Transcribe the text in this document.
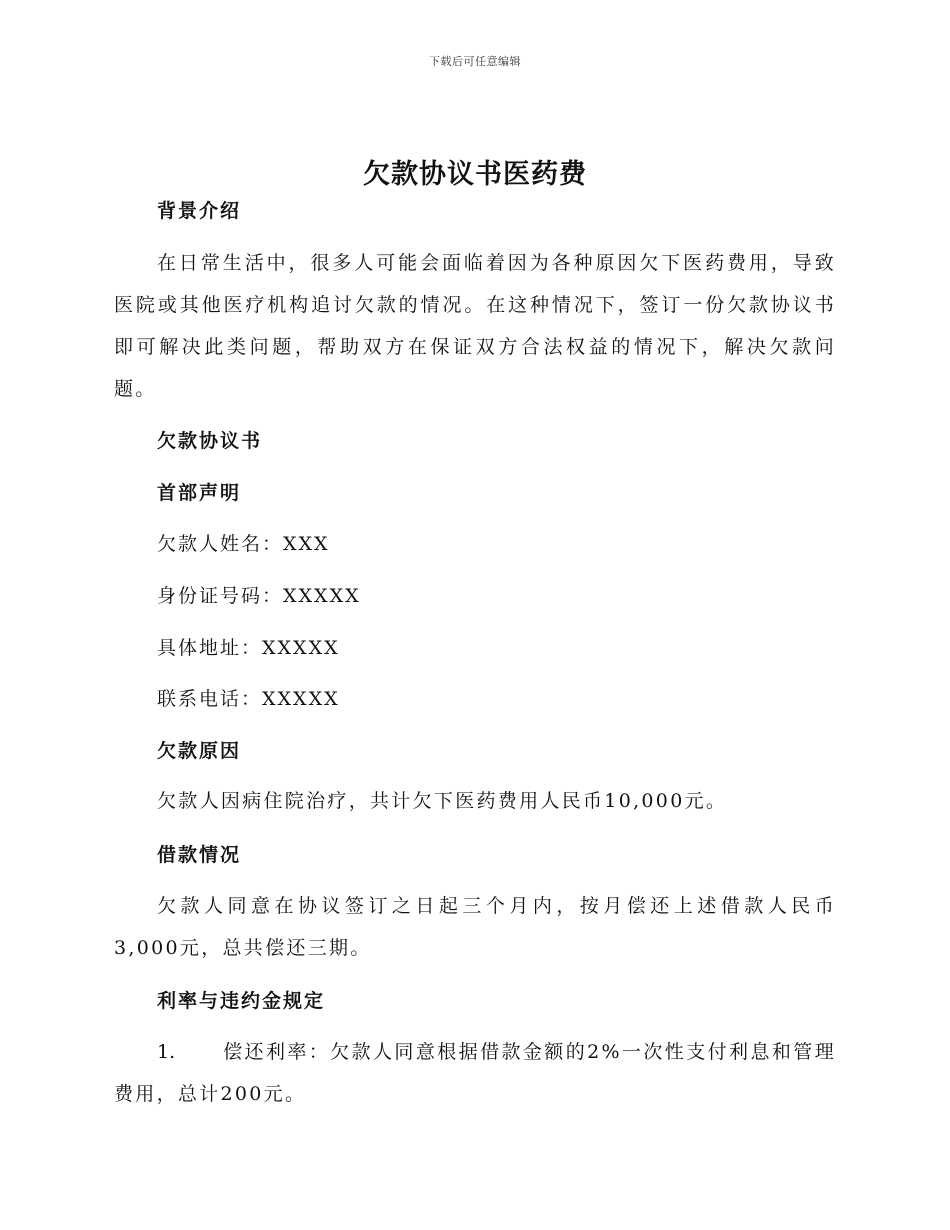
下载后可任意编辑
欠款协议书医药费
背景介绍

在日常生活中，很多人可能会面临着因为各种原因欠下医药费用，导致医院或其他医疗机构追讨欠款的情况。在这种情况下，签订一份欠款协议书即可解决此类问题，帮助双方在保证双方合法权益的情况下，解决欠款问题。

欠款协议书
首部声明
欠款人姓名：XXX
身份证号码：XXXXX
具体地址：XXXXX
联系电话：XXXXX
欠款原因

欠款人因病住院治疗，共计欠下医药费用人民币10,000元。

借款情况

欠款人同意在协议签订之日起三个月内，按月偿还上述借款人民币3,000元，总共偿还三期。

利率与违约金规定

1.	偿还利率：欠款人同意根据借款金额的2%一次性支付利息和管理费用，总计200元。
